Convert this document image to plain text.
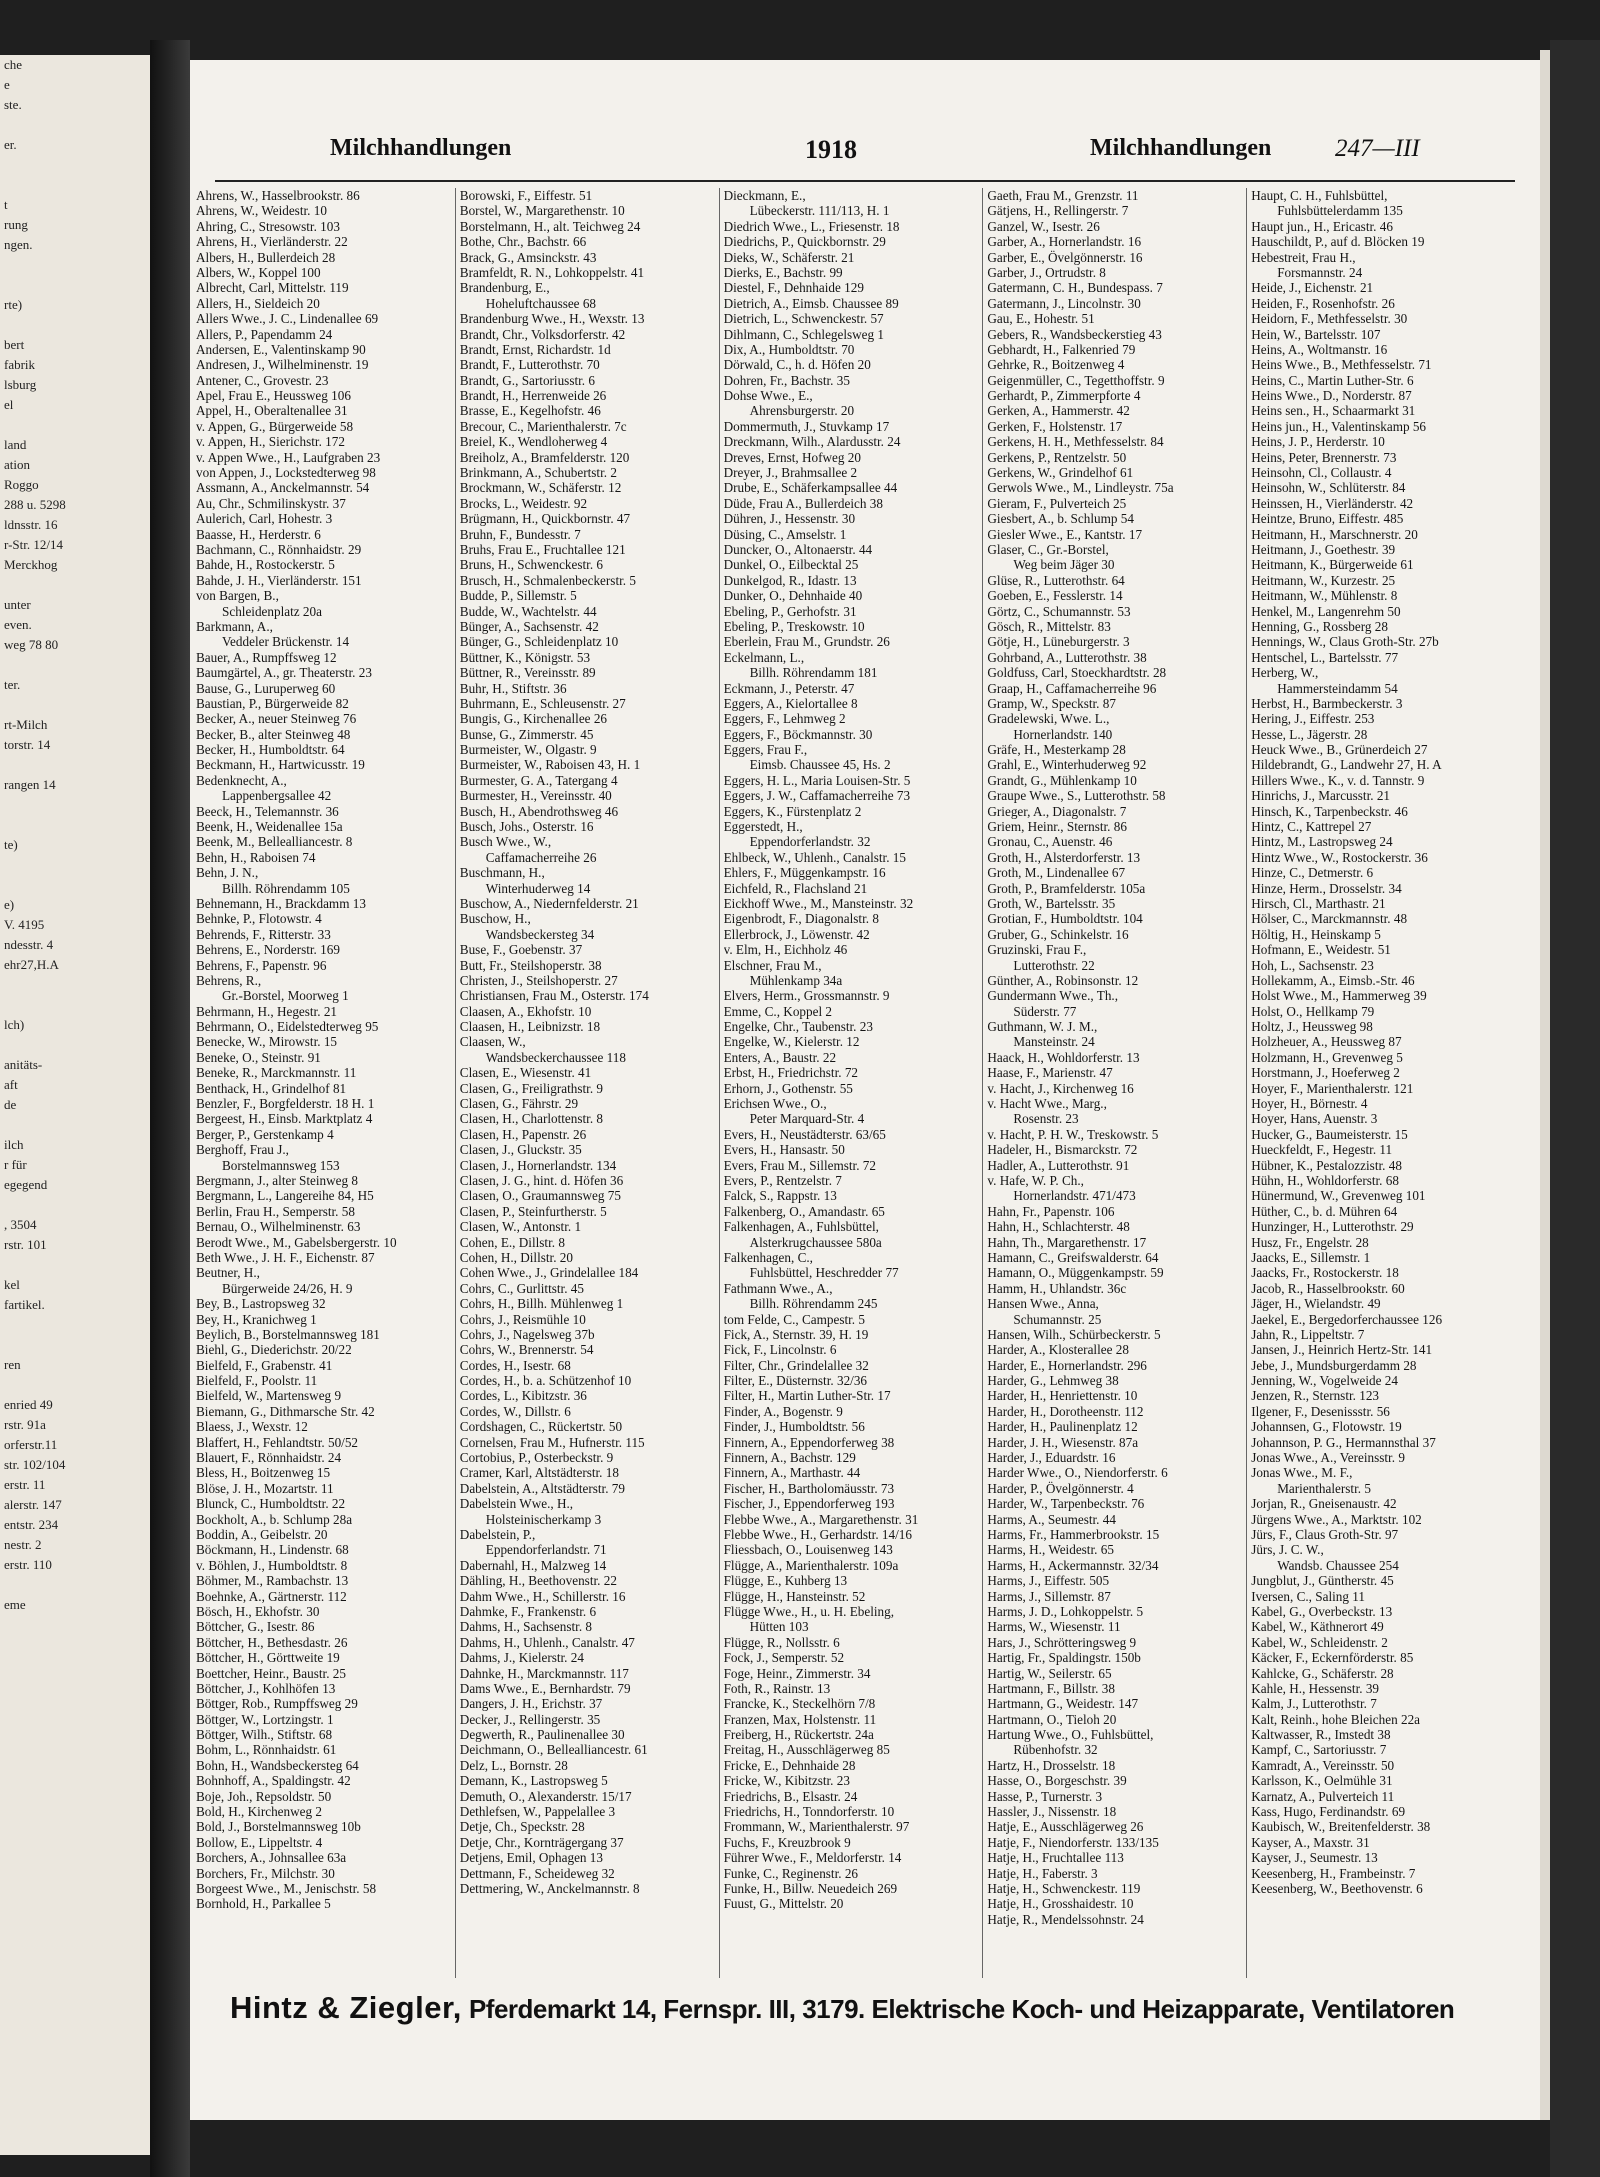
che
e
ste.
er.
t
rung
ngen.
rte)
bert
fabrik
lsburg
el
land
ation
Roggo
288 u. 5298
ldnsstr. 16
r-Str. 12/14
Merckhog
unter
even.
weg 78 80
ter.
rt-Milch
torstr. 14
rangen 14
te)
e)
V. 4195
ndesstr. 4
ehr27,H.A
lch)
anitäts-
aft
de
ilch
r für
egegend
, 3504
rstr. 101
kel
fartikel.
ren
enried 49
rstr. 91a
orferstr.11
str. 102/104
erstr. 11
alerstr. 147
entstr. 234
nestr. 2
erstr. 110
eme
Milchhandlungen	1918	Milchhandlungen	247—III
Ahrens, W., Hasselbrookstr. 86
Ahrens, W., Weidestr. 10
Ahring, C., Stresowstr. 103
Ahrens, H., Vierländerstr. 22
Albers, H., Bullerdeich 28
Albers, W., Koppel 100
Albrecht, Carl, Mittelstr. 119
Allers, H., Sieldeich 20
Allers Wwe., J. C., Lindenallee 69
Allers, P., Papendamm 24
Andersen, E., Valentinskamp 90
Andresen, J., Wilhelminenstr. 19
Antener, C., Grovestr. 23
Apel, Frau E., Heussweg 106
Appel, H., Oberaltenallee 31
v. Appen, G., Bürgerweide 58
v. Appen, H., Sierichstr. 172
v. Appen Wwe., H., Laufgraben 23
von Appen, J., Lockstedterweg 98
Assmann, A., Anckelmannstr. 54
Au, Chr., Schmilinskystr. 37
Aulerich, Carl, Hohestr. 3
Baasse, H., Herderstr. 6
Bachmann, C., Rönnhaidstr. 29
Bahde, H., Rostockerstr. 5
Bahde, J. H., Vierländerstr. 151
von Bargen, B.,
Schleidenplatz 20a
Barkmann, A.,
Veddeler Brückenstr. 14
Bauer, A., Rumpffsweg 12
Baumgärtel, A., gr. Theaterstr. 23
Bause, G., Luruperweg 60
Baustian, P., Bürgerweide 82
Becker, A., neuer Steinweg 76
Becker, B., alter Steinweg 48
Becker, H., Humboldtstr. 64
Beckmann, H., Hartwicusstr. 19
Bedenknecht, A.,
Lappenbergsallee 42
Beeck, H., Telemannstr. 36
Beenk, H., Weidenallee 15a
Beenk, M., Bellealliancestr. 8
Behn, H., Raboisen 74
Behn, J. N.,
Billh. Röhrendamm 105
Behnemann, H., Brackdamm 13
Behnke, P., Flotowstr. 4
Behrends, F., Ritterstr. 33
Behrens, E., Norderstr. 169
Behrens, F., Papenstr. 96
Behrens, R.,
Gr.-Borstel, Moorweg 1
Behrmann, H., Hegestr. 21
Behrmann, O., Eidelstedterweg 95
Benecke, W., Mirowstr. 15
Beneke, O., Steinstr. 91
Beneke, R., Marckmannstr. 11
Benthack, H., Grindelhof 81
Benzler, F., Borgfelderstr. 18 H. 1
Bergeest, H., Einsb. Marktplatz 4
Berger, P., Gerstenkamp 4
Berghoff, Frau J.,
Borstelmannsweg 153
Bergmann, J., alter Steinweg 8
Bergmann, L., Langereihe 84, H5
Berlin, Frau H., Semperstr. 58
Bernau, O., Wilhelminenstr. 63
Berodt Wwe., M., Gabelsbergerstr. 10
Beth Wwe., J. H. F., Eichenstr. 87
Beutner, H.,
Bürgerweide 24/26, H. 9
Bey, B., Lastropsweg 32
Bey, H., Kranichweg 1
Beylich, B., Borstelmannsweg 181
Biehl, G., Diederichstr. 20/22
Bielfeld, F., Grabenstr. 41
Bielfeld, F., Poolstr. 11
Bielfeld, W., Martensweg 9
Biemann, G., Dithmarsche Str. 42
Blaess, J., Wexstr. 12
Blaffert, H., Fehlandtstr. 50/52
Blauert, F., Rönnhaidstr. 24
Bless, H., Boitzenweg 15
Blöse, J. H., Mozartstr. 11
Blunck, C., Humboldtstr. 22
Bockholt, A., b. Schlump 28a
Boddin, A., Geibelstr. 20
Böckmann, H., Lindenstr. 68
v. Böhlen, J., Humboldtstr. 8
Böhmer, M., Rambachstr. 13
Boehnke, A., Gärtnerstr. 112
Bösch, H., Ekhofstr. 30
Böttcher, G., Isestr. 86
Böttcher, H., Bethesdastr. 26
Böttcher, H., Görttweite 19
Boettcher, Heinr., Baustr. 25
Böttcher, J., Kohlhöfen 13
Böttger, Rob., Rumpffsweg 29
Böttger, W., Lortzingstr. 1
Böttger, Wilh., Stiftstr. 68
Bohm, L., Rönnhaidstr. 61
Bohn, H., Wandsbeckersteg 64
Bohnhoff, A., Spaldingstr. 42
Boje, Joh., Repsoldstr. 50
Bold, H., Kirchenweg 2
Bold, J., Borstelmannsweg 10b
Bollow, E., Lippeltstr. 4
Borchers, A., Johnsallee 63a
Borchers, Fr., Milchstr. 30
Borgeest Wwe., M., Jenischstr. 58
Bornhold, H., Parkallee 5
Borowski, F., Eiffestr. 51
Borstel, W., Margarethenstr. 10
Borstelmann, H., alt. Teichweg 24
Bothe, Chr., Bachstr. 66
Brack, G., Amsinckstr. 43
Bramfeldt, R. N., Lohkoppelstr. 41
Brandenburg, E.,
Hoheluftchaussee 68
Brandenburg Wwe., H., Wexstr. 13
Brandt, Chr., Volksdorferstr. 42
Brandt, Ernst, Richardstr. 1d
Brandt, F., Lutterothstr. 70
Brandt, G., Sartoriusstr. 6
Brandt, H., Herrenweide 26
Brasse, E., Kegelhofstr. 46
Brecour, C., Marienthalerstr. 7c
Breiel, K., Wendloherweg 4
Breiholz, A., Bramfelderstr. 120
Brinkmann, A., Schubertstr. 2
Brockmann, W., Schäferstr. 12
Brocks, L., Weidestr. 92
Brügmann, H., Quickbornstr. 47
Bruhn, F., Bundesstr. 7
Bruhs, Frau E., Fruchtallee 121
Bruns, H., Schwenckestr. 6
Brusch, H., Schmalenbeckerstr. 5
Budde, P., Sillemstr. 5
Budde, W., Wachtelstr. 44
Bünger, A., Sachsenstr. 42
Bünger, G., Schleidenplatz 10
Büttner, K., Königstr. 53
Büttner, R., Vereinsstr. 89
Buhr, H., Stiftstr. 36
Buhrmann, E., Schleusenstr. 27
Bungis, G., Kirchenallee 26
Bunse, G., Zimmerstr. 45
Burmeister, W., Olgastr. 9
Burmeister, W., Raboisen 43, H. 1
Burmester, G. A., Tatergang 4
Burmester, H., Vereinsstr. 40
Busch, H., Abendrothsweg 46
Busch, Johs., Osterstr. 16
Busch Wwe., W.,
Caffamacherreihe 26
Buschmann, H.,
Winterhuderweg 14
Buschow, A., Niedernfelderstr. 21
Buschow, H.,
Wandsbeckersteg 34
Buse, F., Goebenstr. 37
Butt, Fr., Steilshoperstr. 38
Christen, J., Steilshoperstr. 27
Christiansen, Frau M., Osterstr. 174
Claasen, A., Ekhofstr. 10
Claasen, H., Leibnizstr. 18
Claasen, W.,
Wandsbeckerchaussee 118
Clasen, E., Wiesenstr. 41
Clasen, G., Freiligrathstr. 9
Clasen, G., Fährstr. 29
Clasen, H., Charlottenstr. 8
Clasen, H., Papenstr. 26
Clasen, J., Gluckstr. 35
Clasen, J., Hornerlandstr. 134
Clasen, J. G., hint. d. Höfen 36
Clasen, O., Graumannsweg 75
Clasen, P., Steinfurtherstr. 5
Clasen, W., Antonstr. 1
Cohen, E., Dillstr. 8
Cohen, H., Dillstr. 20
Cohen Wwe., J., Grindelallee 184
Cohrs, C., Gurlittstr. 45
Cohrs, H., Billh. Mühlenweg 1
Cohrs, J., Reismühle 10
Cohrs, J., Nagelsweg 37b
Cohrs, W., Brennerstr. 54
Cordes, H., Isestr. 68
Cordes, H., b. a. Schützenhof 10
Cordes, L., Kibitzstr. 36
Cordes, W., Dillstr. 6
Cordshagen, C., Rückertstr. 50
Cornelsen, Frau M., Hufnerstr. 115
Cortobius, P., Osterbeckstr. 9
Cramer, Karl, Altstädterstr. 18
Dabelstein, A., Altstädterstr. 79
Dabelstein Wwe., H.,
Holsteinischerkamp 3
Dabelstein, P.,
Eppendorferlandstr. 71
Dabernahl, H., Malzweg 14
Dähling, H., Beethovenstr. 22
Dahm Wwe., H., Schillerstr. 16
Dahmke, F., Frankenstr. 6
Dahms, H., Sachsenstr. 8
Dahms, H., Uhlenh., Canalstr. 47
Dahms, J., Kielerstr. 24
Dahnke, H., Marckmannstr. 117
Dams Wwe., E., Bernhardstr. 79
Dangers, J. H., Erichstr. 37
Decker, J., Rellingerstr. 35
Degwerth, R., Paulinenallee 30
Deichmann, O., Bellealliancestr. 61
Delz, L., Bornstr. 28
Demann, K., Lastropsweg 5
Demuth, O., Alexanderstr. 15/17
Dethlefsen, W., Pappelallee 3
Detje, Ch., Speckstr. 28
Detje, Chr., Kornträgergang 37
Detjens, Emil, Ophagen 13
Dettmann, F., Scheideweg 32
Dettmering, W., Anckelmannstr. 8
Dieckmann, E.,
Lübeckerstr. 111/113, H. 1
Diedrich Wwe., L., Friesenstr. 18
Diedrichs, P., Quickbornstr. 29
Dieks, W., Schäferstr. 21
Dierks, E., Bachstr. 99
Diestel, F., Dehnhaide 129
Dietrich, A., Eimsb. Chaussee 89
Dietrich, L., Schwenckestr. 57
Dihlmann, C., Schlegelsweg 1
Dix, A., Humboldtstr. 70
Dörwald, C., h. d. Höfen 20
Dohren, Fr., Bachstr. 35
Dohse Wwe., E.,
Ahrensburgerstr. 20
Dommermuth, J., Stuvkamp 17
Dreckmann, Wilh., Alardusstr. 24
Dreves, Ernst, Hofweg 20
Dreyer, J., Brahmsallee 2
Drube, E., Schäferkampsallee 44
Düde, Frau A., Bullerdeich 38
Dühren, J., Hessenstr. 30
Düsing, C., Amselstr. 1
Duncker, O., Altonaerstr. 44
Dunkel, O., Eilbecktal 25
Dunkelgod, R., Idastr. 13
Dunker, O., Dehnhaide 40
Ebeling, P., Gerhofstr. 31
Ebeling, P., Treskowstr. 10
Eberlein, Frau M., Grundstr. 26
Eckelmann, L.,
Billh. Röhrendamm 181
Eckmann, J., Peterstr. 47
Eggers, A., Kielortallee 8
Eggers, F., Lehmweg 2
Eggers, F., Böckmannstr. 30
Eggers, Frau F.,
Eimsb. Chaussee 45, Hs. 2
Eggers, H. L., Maria Louisen-Str. 5
Eggers, J. W., Caffamacherreihe 73
Eggers, K., Fürstenplatz 2
Eggerstedt, H.,
Eppendorferlandstr. 32
Ehlbeck, W., Uhlenh., Canalstr. 15
Ehlers, F., Müggenkampstr. 16
Eichfeld, R., Flachsland 21
Eickhoff Wwe., M., Mansteinstr. 32
Eigenbrodt, F., Diagonalstr. 8
Ellerbrock, J., Löwenstr. 42
v. Elm, H., Eichholz 46
Elschner, Frau M.,
Mühlenkamp 34a
Elvers, Herm., Grossmannstr. 9
Emme, C., Koppel 2
Engelke, Chr., Taubenstr. 23
Engelke, W., Kielerstr. 12
Enters, A., Baustr. 22
Erbst, H., Friedrichstr. 72
Erhorn, J., Gothenstr. 55
Erichsen Wwe., O.,
Peter Marquard-Str. 4
Evers, H., Neustädterstr. 63/65
Evers, H., Hansastr. 50
Evers, Frau M., Sillemstr. 72
Evers, P., Rentzelstr. 7
Falck, S., Rappstr. 13
Falkenberg, O., Amandastr. 65
Falkenhagen, A., Fuhlsbüttel,
Alsterkrugchaussee 580a
Falkenhagen, C.,
Fuhlsbüttel, Heschredder 77
Fathmann Wwe., A.,
Billh. Röhrendamm 245
tom Felde, C., Campestr. 5
Fick, A., Sternstr. 39, H. 19
Fick, F., Lincolnstr. 6
Filter, Chr., Grindelallee 32
Filter, E., Düsternstr. 32/36
Filter, H., Martin Luther-Str. 17
Finder, A., Bogenstr. 9
Finder, J., Humboldtstr. 56
Finnern, A., Eppendorferweg 38
Finnern, A., Bachstr. 129
Finnern, A., Marthastr. 44
Fischer, H., Bartholomäusstr. 73
Fischer, J., Eppendorferweg 193
Flebbe Wwe., A., Margarethenstr. 31
Flebbe Wwe., H., Gerhardstr. 14/16
Fliessbach, O., Louisenweg 143
Flügge, A., Marienthalerstr. 109a
Flügge, E., Kuhberg 13
Flügge, H., Hansteinstr. 52
Flügge Wwe., H., u. H. Ebeling,
Hütten 103
Flügge, R., Nollsstr. 6
Fock, J., Semperstr. 52
Foge, Heinr., Zimmerstr. 34
Foth, R., Rainstr. 13
Francke, K., Steckelhörn 7/8
Franzen, Max, Holstenstr. 11
Freiberg, H., Rückertstr. 24a
Freitag, H., Ausschlägerweg 85
Fricke, E., Dehnhaide 28
Fricke, W., Kibitzstr. 23
Friedrichs, B., Elsastr. 24
Friedrichs, H., Tonndorferstr. 10
Frommann, W., Marienthalerstr. 97
Fuchs, F., Kreuzbrook 9
Führer Wwe., F., Meldorferstr. 14
Funke, C., Reginenstr. 26
Funke, H., Billw. Neuedeich 269
Fuust, G., Mittelstr. 20
Gaeth, Frau M., Grenzstr. 11
Gätjens, H., Rellingerstr. 7
Ganzel, W., Isestr. 26
Garber, A., Hornerlandstr. 16
Garber, E., Övelgönnerstr. 16
Garber, J., Ortrudstr. 8
Gatermann, C. H., Bundespass. 7
Gatermann, J., Lincolnstr. 30
Gau, E., Hohestr. 51
Gebers, R., Wandsbeckerstieg 43
Gebhardt, H., Falkenried 79
Gehrke, R., Boitzenweg 4
Geigenmüller, C., Tegetthoffstr. 9
Gerhardt, P., Zimmerpforte 4
Gerken, A., Hammerstr. 42
Gerken, F., Holstenstr. 17
Gerkens, H. H., Methfesselstr. 84
Gerkens, P., Rentzelstr. 50
Gerkens, W., Grindelhof 61
Gerwols Wwe., M., Lindleystr. 75a
Gieram, F., Pulverteich 25
Giesbert, A., b. Schlump 54
Giesler Wwe., E., Kantstr. 17
Glaser, C., Gr.-Borstel,
Weg beim Jäger 30
Glüse, R., Lutterothstr. 64
Goeben, E., Fesslerstr. 14
Görtz, C., Schumannstr. 53
Gösch, R., Mittelstr. 83
Götje, H., Lüneburgerstr. 3
Gohrband, A., Lutterothstr. 38
Goldfuss, Carl, Stoeckhardtstr. 28
Graap, H., Caffamacherreihe 96
Gramp, W., Speckstr. 87
Gradelewski, Wwe. L.,
Hornerlandstr. 140
Gräfe, H., Mesterkamp 28
Grahl, E., Winterhuderweg 92
Grandt, G., Mühlenkamp 10
Graupe Wwe., S., Lutterothstr. 58
Grieger, A., Diagonalstr. 7
Griem, Heinr., Sternstr. 86
Gronau, C., Auenstr. 46
Groth, H., Alsterdorferstr. 13
Groth, M., Lindenallee 67
Groth, P., Bramfelderstr. 105a
Groth, W., Bartelsstr. 35
Grotian, F., Humboldtstr. 104
Gruber, G., Schinkelstr. 16
Gruzinski, Frau F.,
Lutterothstr. 22
Günther, A., Robinsonstr. 12
Gundermann Wwe., Th.,
Süderstr. 77
Guthmann, W. J. M.,
Mansteinstr. 24
Haack, H., Wohldorferstr. 13
Haase, F., Marienstr. 47
v. Hacht, J., Kirchenweg 16
v. Hacht Wwe., Marg.,
Rosenstr. 23
v. Hacht, P. H. W., Treskowstr. 5
Hadeler, H., Bismarckstr. 72
Hadler, A., Lutterothstr. 91
v. Hafe, W. P. Ch.,
Hornerlandstr. 471/473
Hahn, Fr., Papenstr. 106
Hahn, H., Schlachterstr. 48
Hahn, Th., Margarethenstr. 17
Hamann, C., Greifswalderstr. 64
Hamann, O., Müggenkampstr. 59
Hamm, H., Uhlandstr. 36c
Hansen Wwe., Anna,
Schumannstr. 25
Hansen, Wilh., Schürbeckerstr. 5
Harder, A., Klosterallee 28
Harder, E., Hornerlandstr. 296
Harder, G., Lehmweg 38
Harder, H., Henriettenstr. 10
Harder, H., Dorotheenstr. 112
Harder, H., Paulinenplatz 12
Harder, J. H., Wiesenstr. 87a
Harder, J., Eduardstr. 16
Harder Wwe., O., Niendorferstr. 6
Harder, P., Övelgönnerstr. 4
Harder, W., Tarpenbeckstr. 76
Harms, A., Seumestr. 44
Harms, Fr., Hammerbrookstr. 15
Harms, H., Weidestr. 65
Harms, H., Ackermannstr. 32/34
Harms, J., Eiffestr. 505
Harms, J., Sillemstr. 87
Harms, J. D., Lohkoppelstr. 5
Harms, W., Wiesenstr. 11
Hars, J., Schrötteringsweg 9
Hartig, Fr., Spaldingstr. 150b
Hartig, W., Seilerstr. 65
Hartmann, F., Billstr. 38
Hartmann, G., Weidestr. 147
Hartmann, O., Tieloh 20
Hartung Wwe., O., Fuhlsbüttel,
Rübenhofstr. 32
Hartz, H., Drosselstr. 18
Hasse, O., Borgeschstr. 39
Hasse, P., Turnerstr. 3
Hassler, J., Nissenstr. 18
Hatje, E., Ausschlägerweg 26
Hatje, F., Niendorferstr. 133/135
Hatje, H., Fruchtallee 113
Hatje, H., Faberstr. 3
Hatje, H., Schwenckestr. 119
Hatje, H., Grosshaidestr. 10
Hatje, R., Mendelssohnstr. 24
Haupt, C. H., Fuhlsbüttel,
Fuhlsbüttelerdamm 135
Haupt jun., H., Ericastr. 46
Hauschildt, P., auf d. Blöcken 19
Hebestreit, Frau H.,
Forsmannstr. 24
Heide, J., Eichenstr. 21
Heiden, F., Rosenhofstr. 26
Heidorn, F., Methfesselstr. 30
Hein, W., Bartelsstr. 107
Heins, A., Woltmanstr. 16
Heins Wwe., B., Methfesselstr. 71
Heins, C., Martin Luther-Str. 6
Heins Wwe., D., Norderstr. 87
Heins sen., H., Schaarmarkt 31
Heins jun., H., Valentinskamp 56
Heins, J. P., Herderstr. 10
Heins, Peter, Brennerstr. 73
Heinsohn, Cl., Collaustr. 4
Heinsohn, W., Schlüterstr. 84
Heinssen, H., Vierländerstr. 42
Heintze, Bruno, Eiffestr. 485
Heitmann, H., Marschnerstr. 20
Heitmann, J., Goethestr. 39
Heitmann, K., Bürgerweide 61
Heitmann, W., Kurzestr. 25
Heitmann, W., Mühlenstr. 8
Henkel, M., Langenrehm 50
Henning, G., Rossberg 28
Hennings, W., Claus Groth-Str. 27b
Hentschel, L., Bartelsstr. 77
Herberg, W.,
Hammersteindamm 54
Herbst, H., Barmbeckerstr. 3
Hering, J., Eiffestr. 253
Hesse, L., Jägerstr. 28
Heuck Wwe., B., Grünerdeich 27
Hildebrandt, G., Landwehr 27, H. A
Hillers Wwe., K., v. d. Tannstr. 9
Hinrichs, J., Marcusstr. 21
Hinsch, K., Tarpenbeckstr. 46
Hintz, C., Kattrepel 27
Hintz, M., Lastropsweg 24
Hintz Wwe., W., Rostockerstr. 36
Hinze, C., Detmerstr. 6
Hinze, Herm., Drosselstr. 34
Hirsch, Cl., Marthastr. 21
Hölser, C., Marckmannstr. 48
Höltig, H., Heinskamp 5
Hofmann, E., Weidestr. 51
Hoh, L., Sachsenstr. 23
Hollekamm, A., Eimsb.-Str. 46
Holst Wwe., M., Hammerweg 39
Holst, O., Hellkamp 79
Holtz, J., Heussweg 98
Holzheuer, A., Heussweg 87
Holzmann, H., Grevenweg 5
Horstmann, J., Hoeferweg 2
Hoyer, F., Marienthalerstr. 121
Hoyer, H., Börnestr. 4
Hoyer, Hans, Auenstr. 3
Hucker, G., Baumeisterstr. 15
Hueckfeldt, F., Hegestr. 11
Hübner, K., Pestalozzistr. 48
Hühn, H., Wohldorferstr. 68
Hünermund, W., Grevenweg 101
Hüther, C., b. d. Mühren 64
Hunzinger, H., Lutterothstr. 29
Husz, Fr., Engelstr. 28
Jaacks, E., Sillemstr. 1
Jaacks, Fr., Rostockerstr. 18
Jacob, R., Hasselbrookstr. 60
Jäger, H., Wielandstr. 49
Jaekel, E., Bergedorferchaussee 126
Jahn, R., Lippeltstr. 7
Jansen, J., Heinrich Hertz-Str. 141
Jebe, J., Mundsburgerdamm 28
Jenning, W., Vogelweide 24
Jenzen, R., Sternstr. 123
Ilgener, F., Desenissstr. 56
Johannsen, G., Flotowstr. 19
Johannson, P. G., Hermannsthal 37
Jonas Wwe., A., Vereinsstr. 9
Jonas Wwe., M. F.,
Marienthalerstr. 5
Jorjan, R., Gneisenaustr. 42
Jürgens Wwe., A., Marktstr. 102
Jürs, F., Claus Groth-Str. 97
Jürs, J. C. W.,
Wandsb. Chaussee 254
Jungblut, J., Güntherstr. 45
Iversen, C., Saling 11
Kabel, G., Overbeckstr. 13
Kabel, W., Käthnerort 49
Kabel, W., Schleidenstr. 2
Käcker, F., Eckernförderstr. 85
Kahlcke, G., Schäferstr. 28
Kahle, H., Hessenstr. 39
Kalm, J., Lutterothstr. 7
Kalt, Reinh., hohe Bleichen 22a
Kaltwasser, R., Imstedt 38
Kampf, C., Sartoriusstr. 7
Kamradt, A., Vereinsstr. 50
Karlsson, K., Oelmühle 31
Karnatz, A., Pulverteich 11
Kass, Hugo, Ferdinandstr. 69
Kaubisch, W., Breitenfelderstr. 38
Kayser, A., Maxstr. 31
Kayser, J., Seumestr. 13
Keesenberg, H., Frambeinstr. 7
Keesenberg, W., Beethovenstr. 6
Hintz & Ziegler, Pferdemarkt 14, Fernspr. III, 3179. Elektrische Koch- und Heizapparate, Ventilatoren
